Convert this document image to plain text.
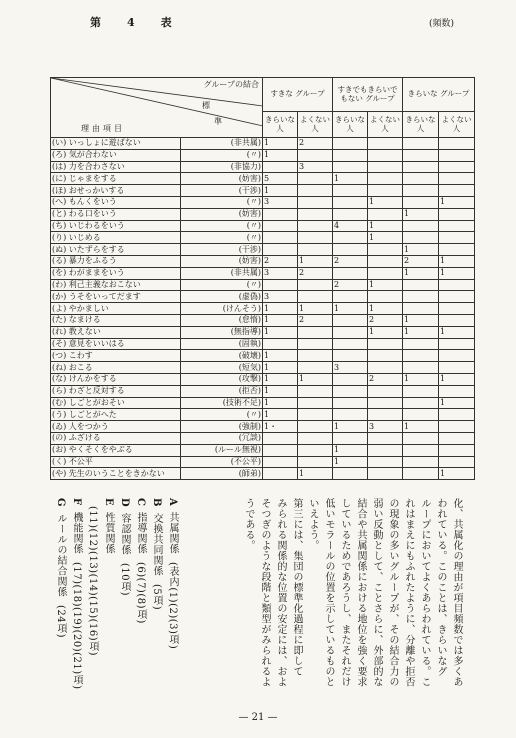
第 4 表	(頻数)
グループの結合
標
準
理由項目		すきな グループ		すきでもきらいでもない グループ		きらいな グループ	
		きらいな人	よくない人	きらいな人	よくない人	きらいな人	よくない人
(い) いっしょに遊ばない	(非共属)	1	2				
(ろ) 気が合わない	(〃)	1					
(は) 力を合わさない	(非協力)		3				
(に) じゃまをする	(妨害)	5		1			
(ほ) おせっかいする	(干渉)	1					
(へ) もんくをいう	(〃)	3			1		1
(と) わる口をいう	(妨害)					1	
(ち) いじわるをいう	(〃)			4	1		
(り) いじめる	(〃)				1		
(ぬ) いたずらをする	(干渉)					1	
(る) 暴力をふるう	(妨害)	2	1	2		2	1
(を) わがままをいう	(非共属)	3	2			1	1
(わ) 利己主義なおこない	(〃)			2	1		
(か) うそをいってだます	(虚偽)	3					
(よ) やかましい	(けんそう)	1	1	1	1		
(た) なまける	(怠惰)	1	2		2	1	
(れ) 教えない	(無指導)	1			1	1	1
(そ) 意見をいいはる	(固執)						
(つ) こわす	(破壊)	1					
(ね) おこる	(短気)	1		3			
(な) けんかをする	(攻撃)	1	1		2	1	1
(ら) わざと反対する	(拒否)	1					
(む) しごとがおそい	(技術不足)	1					1
(う) しごとがへた	(〃)	1					
(ゐ) 人をつかう	(強制)	1・		1	3	1	
(の) ふざける	(冗談)						
(お) やくそくをやぶる	(ルール無視)			1			
(く) 不公平	(不公平)			1			
(や) 先生のいうことをきかない	(師弟)		1				1
化、共属化の理由が項目頻数では多くあ
われている。このことは、きらいなグ
ループにおいてよくあらわれている。こ
れはまえにもふれたように、分離や拒否
の現象の多いグループが、その結合力の
弱い反動として、ことさらに、外部的な
結合や共属関係における地位を強く要求
しているためであろうし、またそれだけ
低いモラールの位置を示しているものと
いえよう。
第三には、集団の標準化過程に即して
みられる関係的な位置の安定には、およ
そつぎのような段階と類型がみられるよ
うである。
A共属関係(表内(1)(2)(3)項)
B交換共同関係(5項)
C指導関係(6)(7)(8)項)
D容認関係(10項)
E性質関係(11)(12)(13)(14)(15)(16)項)
F機能関係(17)(18)(19)(20)(21)項)
Gルールの結合関係(24項)
— 21 —
